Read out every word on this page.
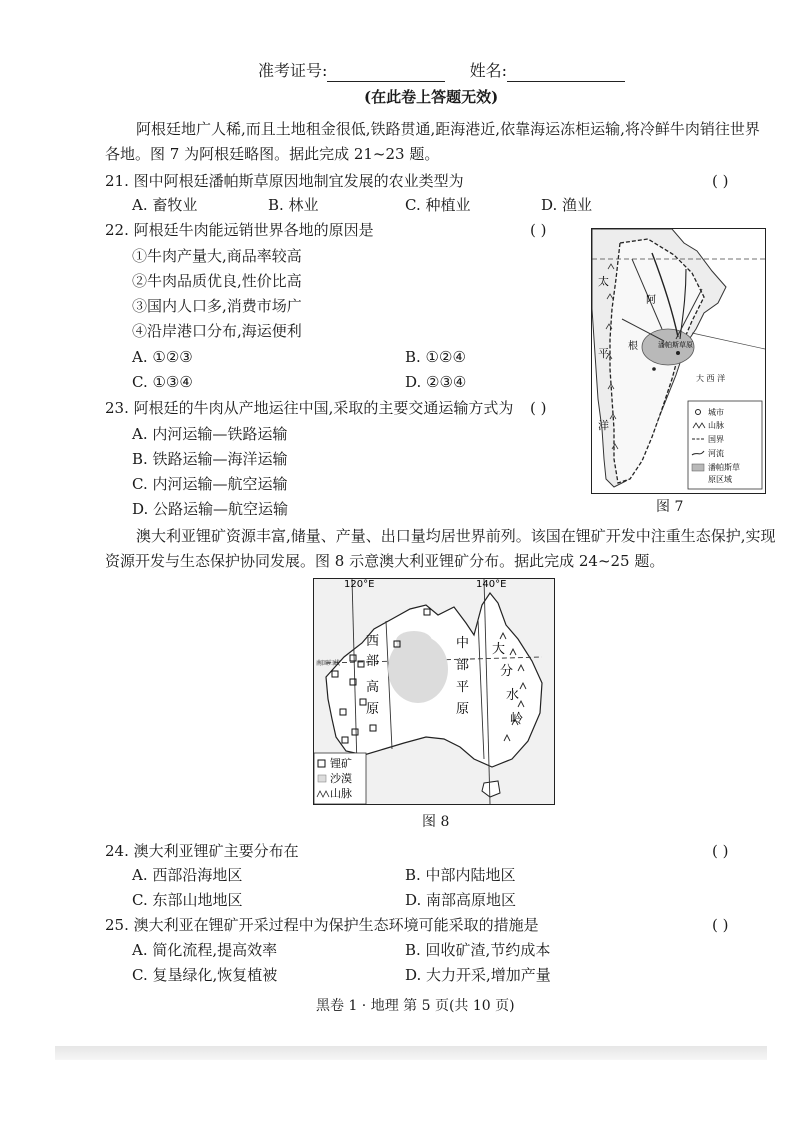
准考证号:	姓名:
(在此卷上答题无效)
阿根廷地广人稀,而且土地租金很低,铁路贯通,距海港近,依靠海运冻柜运输,将冷鲜牛肉销往世界
各地。图 7 为阿根廷略图。据此完成 21~23 题。
21. 图中阿根廷潘帕斯草原因地制宜发展的农业类型为	( )
A. 畜牧业	B. 林业	C. 种植业	D. 渔业
22. 阿根廷牛肉能远销世界各地的原因是	( )
①牛肉产量大,商品率较高
②牛肉品质优良,性价比高
③国内人口多,消费市场广
④沿岸港口分布,海运便利
A. ①②③	B. ①②④
C. ①③④	D. ②③④
23. 阿根廷的牛肉从产地运往中国,采取的主要交通运输方式为 ( )
A. 内河运输—铁路运输
B. 铁路运输—海洋运输
C. 内河运输—航空运输
D. 公路运输—航空运输
太
平
洋
阿
根	潘帕斯草原
大 西 洋
城市
山脉
国界
河流
潘帕斯草
原区域
图 7
澳大利亚锂矿资源丰富,储量、产量、出口量均居世界前列。该国在锂矿开发中注重生态保护,实现
资源开发与生态保护协同发展。图 8 示意澳大利亚锂矿分布。据此完成 24~25 题。
120°E	140°E
南回归线
西
部
高
原
中
部
平
原
大
分
水
岭
锂矿
沙漠
山脉
图 8
24. 澳大利亚锂矿主要分布在	( )
A. 西部沿海地区	B. 中部内陆地区
C. 东部山地地区	D. 南部高原地区
25. 澳大利亚在锂矿开采过程中为保护生态环境可能采取的措施是	( )
A. 简化流程,提高效率	B. 回收矿渣,节约成本
C. 复垦绿化,恢复植被	D. 大力开采,增加产量
黑卷 1 · 地理 第 5 页(共 10 页)
